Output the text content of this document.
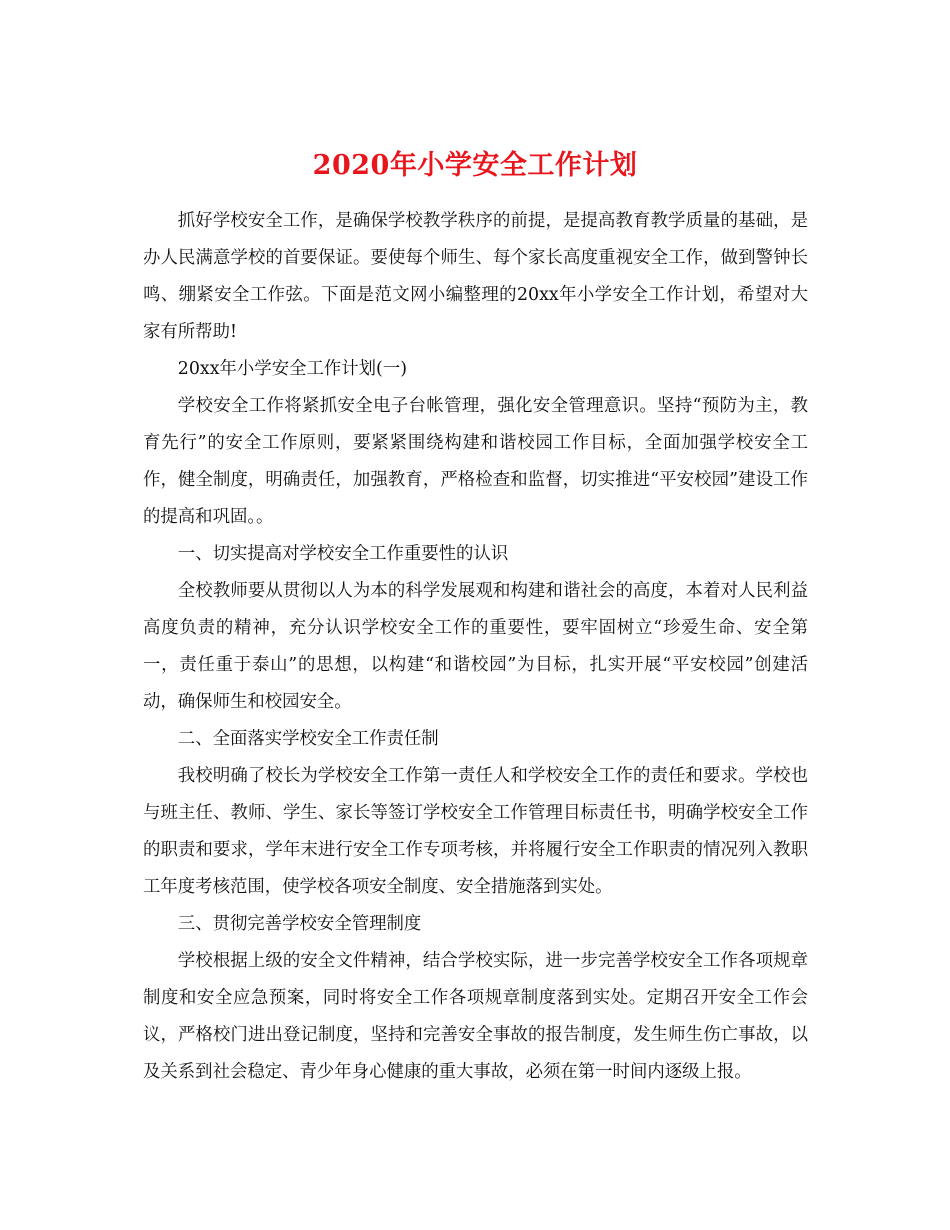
2020年小学安全工作计划

抓好学校安全工作，是确保学校教学秩序的前提，是提高教育教学质量的基础，是办人民满意学校的首要保证。要使每个师生、每个家长高度重视安全工作，做到警钟长鸣、绷紧安全工作弦。下面是范文网小编整理的20xx年小学安全工作计划，希望对大家有所帮助!

20xx年小学安全工作计划(一)

学校安全工作将紧抓安全电子台帐管理，强化安全管理意识。坚持“预防为主，教育先行”的安全工作原则，要紧紧围绕构建和谐校园工作目标，全面加强学校安全工作，健全制度，明确责任，加强教育，严格检查和监督，切实推进“平安校园”建设工作的提高和巩固。。

一、切实提高对学校安全工作重要性的认识

全校教师要从贯彻以人为本的科学发展观和构建和谐社会的高度，本着对人民利益高度负责的精神，充分认识学校安全工作的重要性，要牢固树立“珍爱生命、安全第一，责任重于泰山”的思想，以构建“和谐校园”为目标，扎实开展“平安校园”创建活动，确保师生和校园安全。

二、全面落实学校安全工作责任制

我校明确了校长为学校安全工作第一责任人和学校安全工作的责任和要求。学校也与班主任、教师、学生、家长等签订学校安全工作管理目标责任书，明确学校安全工作的职责和要求，学年末进行安全工作专项考核，并将履行安全工作职责的情况列入教职工年度考核范围，使学校各项安全制度、安全措施落到实处。

三、贯彻完善学校安全管理制度

学校根据上级的安全文件精神，结合学校实际，进一步完善学校安全工作各项规章制度和安全应急预案，同时将安全工作各项规章制度落到实处。定期召开安全工作会议，严格校门进出登记制度，坚持和完善安全事故的报告制度，发生师生伤亡事故，以及关系到社会稳定、青少年身心健康的重大事故，必须在第一时间内逐级上报。
